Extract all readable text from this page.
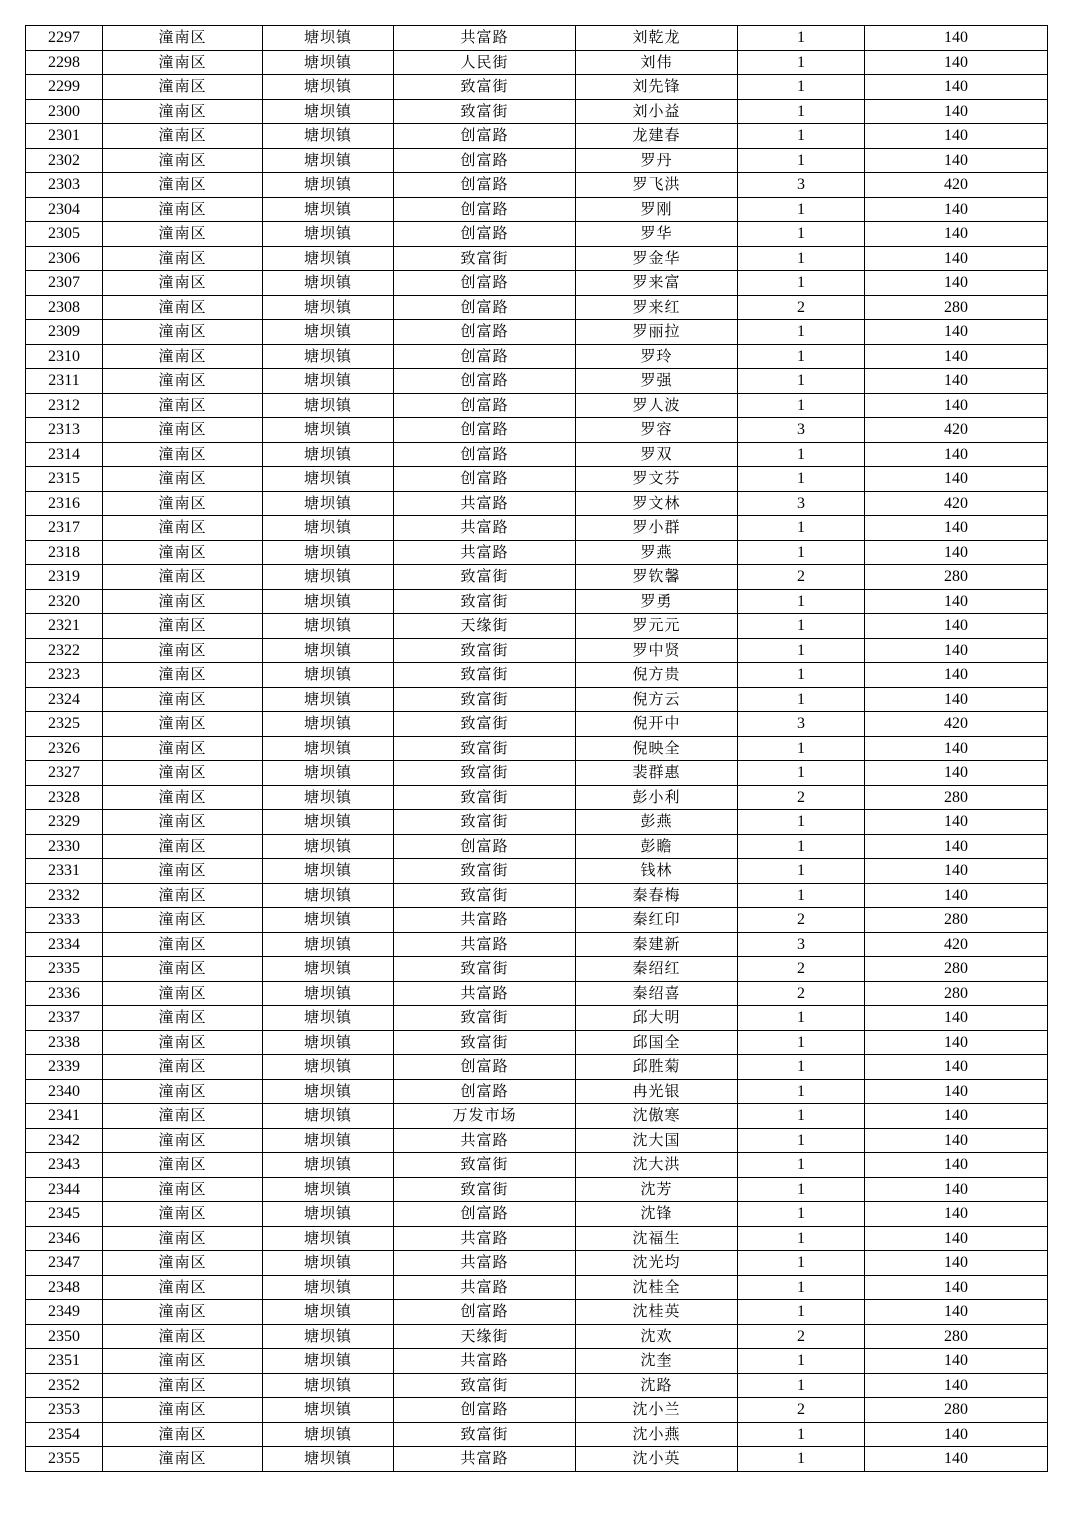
2297	潼南区	塘坝镇	共富路	刘乾龙	1	140
2298	潼南区	塘坝镇	人民街	刘伟	1	140
2299	潼南区	塘坝镇	致富街	刘先锋	1	140
2300	潼南区	塘坝镇	致富街	刘小益	1	140
2301	潼南区	塘坝镇	创富路	龙建春	1	140
2302	潼南区	塘坝镇	创富路	罗丹	1	140
2303	潼南区	塘坝镇	创富路	罗飞洪	3	420
2304	潼南区	塘坝镇	创富路	罗刚	1	140
2305	潼南区	塘坝镇	创富路	罗华	1	140
2306	潼南区	塘坝镇	致富街	罗金华	1	140
2307	潼南区	塘坝镇	创富路	罗来富	1	140
2308	潼南区	塘坝镇	创富路	罗来红	2	280
2309	潼南区	塘坝镇	创富路	罗丽拉	1	140
2310	潼南区	塘坝镇	创富路	罗玲	1	140
2311	潼南区	塘坝镇	创富路	罗强	1	140
2312	潼南区	塘坝镇	创富路	罗人波	1	140
2313	潼南区	塘坝镇	创富路	罗容	3	420
2314	潼南区	塘坝镇	创富路	罗双	1	140
2315	潼南区	塘坝镇	创富路	罗文芬	1	140
2316	潼南区	塘坝镇	共富路	罗文林	3	420
2317	潼南区	塘坝镇	共富路	罗小群	1	140
2318	潼南区	塘坝镇	共富路	罗燕	1	140
2319	潼南区	塘坝镇	致富街	罗钦馨	2	280
2320	潼南区	塘坝镇	致富街	罗勇	1	140
2321	潼南区	塘坝镇	天缘街	罗元元	1	140
2322	潼南区	塘坝镇	致富街	罗中贤	1	140
2323	潼南区	塘坝镇	致富街	倪方贵	1	140
2324	潼南区	塘坝镇	致富街	倪方云	1	140
2325	潼南区	塘坝镇	致富街	倪开中	3	420
2326	潼南区	塘坝镇	致富街	倪映全	1	140
2327	潼南区	塘坝镇	致富街	裴群惠	1	140
2328	潼南区	塘坝镇	致富街	彭小利	2	280
2329	潼南区	塘坝镇	致富街	彭燕	1	140
2330	潼南区	塘坝镇	创富路	彭瞻	1	140
2331	潼南区	塘坝镇	致富街	钱林	1	140
2332	潼南区	塘坝镇	致富街	秦春梅	1	140
2333	潼南区	塘坝镇	共富路	秦红印	2	280
2334	潼南区	塘坝镇	共富路	秦建新	3	420
2335	潼南区	塘坝镇	致富街	秦绍红	2	280
2336	潼南区	塘坝镇	共富路	秦绍喜	2	280
2337	潼南区	塘坝镇	致富街	邱大明	1	140
2338	潼南区	塘坝镇	致富街	邱国全	1	140
2339	潼南区	塘坝镇	创富路	邱胜菊	1	140
2340	潼南区	塘坝镇	创富路	冉光银	1	140
2341	潼南区	塘坝镇	万发市场	沈傲寒	1	140
2342	潼南区	塘坝镇	共富路	沈大国	1	140
2343	潼南区	塘坝镇	致富街	沈大洪	1	140
2344	潼南区	塘坝镇	致富街	沈芳	1	140
2345	潼南区	塘坝镇	创富路	沈锋	1	140
2346	潼南区	塘坝镇	共富路	沈福生	1	140
2347	潼南区	塘坝镇	共富路	沈光均	1	140
2348	潼南区	塘坝镇	共富路	沈桂全	1	140
2349	潼南区	塘坝镇	创富路	沈桂英	1	140
2350	潼南区	塘坝镇	天缘街	沈欢	2	280
2351	潼南区	塘坝镇	共富路	沈奎	1	140
2352	潼南区	塘坝镇	致富街	沈路	1	140
2353	潼南区	塘坝镇	创富路	沈小兰	2	280
2354	潼南区	塘坝镇	致富街	沈小燕	1	140
2355	潼南区	塘坝镇	共富路	沈小英	1	140
